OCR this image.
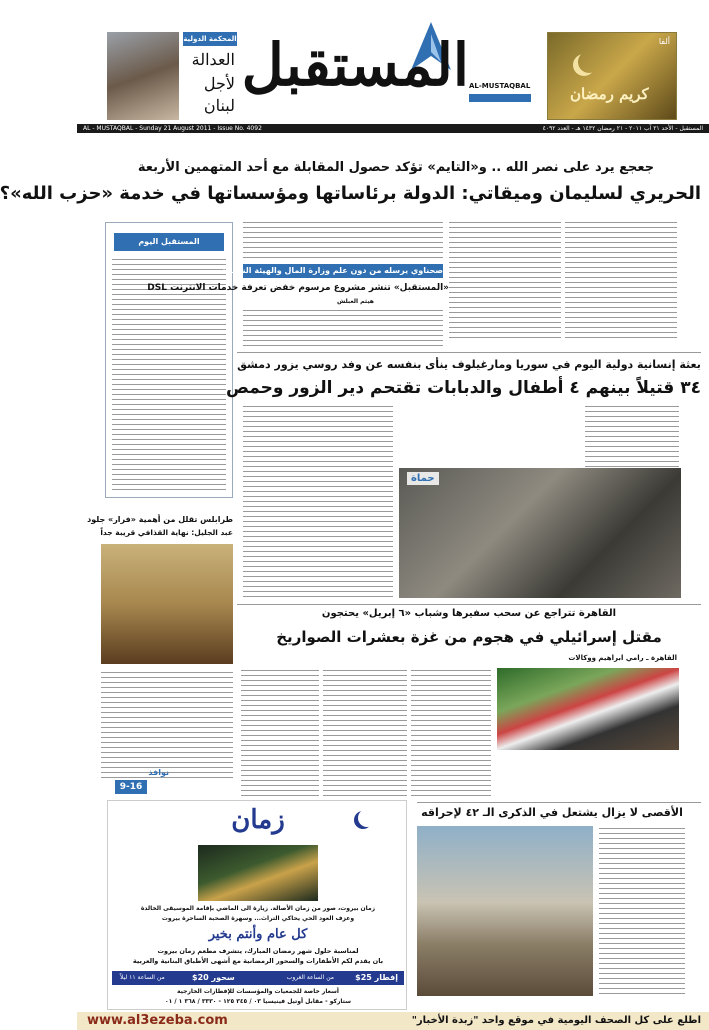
كريم رمضان
ألفا
المستقبل AL-MUSTAQBAL
المحكمة الدولية
العدالة
لأجل
لبنان
AL - MUSTAQBAL - Sunday 21 August 2011 - Issue No. 4092	المستقبل - الأحد ٢١ آب ٢٠١١ - ٢١ رمضان ١٤٣٢ هـ - العدد ٤٠٩٢
جعجع يرد على نصر الله .. و«التايم» تؤكد حصول المقابلة مع أحد المتهمين الأربعة
الحريري لسليمان وميقاتي: الدولة برئاساتها ومؤسساتها في خدمة «حزب الله»؟
المستقبل اليوم
صحناوي يرسله من دون علم وزارة المال والهيئة الناظمة
«المستقبل» تنشر مشروع مرسوم خفض تعرفة خدمات الانترنت DSL
هيثم العبلش
بعثة إنسانية دولية اليوم في سوريا ومارغيلوف ينأى بنفسه عن وفد روسي يزور دمشق
٣٤ قتيلاً بينهم ٤ أطفال والدبابات تقتحم دير الزور وحمص
حماة
طرابلس تقلل من أهمية «فرار» جلود
عبد الجليل: نهاية القذافي قريبة جداً
نوافذ
9-16
القاهرة تتراجع عن سحب سفيرها وشباب «٦ إبريل» يحتجون
مقتل إسرائيلي في هجوم من غزة بعشرات الصواريخ
القاهرة ـ رامي ابراهيم ووكالات
الأقصى لا يزال يشتعل في الذكرى الـ ٤٢ لإحراقه
زمان
زمان بيروت، صور من زمان الأصالة. زيارة الى الماضي بإقامة الموسيقى الخالدة
وعزف العود الحي يحاكي التراث... وسهرة الصحبة الساحرة بيروت
كل عام وأنتم بخير
لمناسبة حلول شهر رمضان المبارك، يتشرف مطعم زمان بيروت
بان يقدم لكم الأطفارات والسحور الرمضانية مع أشهى الأطباق البنانية والعربية
إفطار 25$
من الساعة الغروب
سحور 20$
من الساعة ١١ ليلاً
أسعار خاصة للجمعيات والمؤسسات للإفطارات الخارجية
ستاركو - مقابل أوتيل فينيسيا ٠٣ / ٣٤٥ ١٢٥ - ٣٣٣٠ / ٣٦٨ ١ / ٠١
www.al3ezeba.com	اطلع على كل الصحف اليومية في موقع واحد "زبدة الأخبار"
